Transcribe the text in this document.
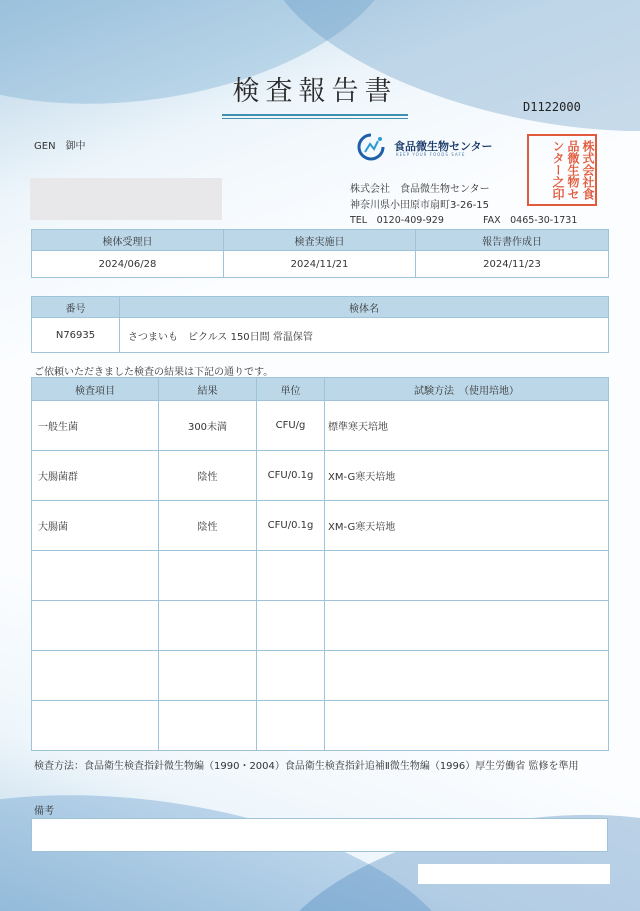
検査報告書	D1122000
GEN　御中	食品微生物センター
KEEP YOUR FOODS SAFE	株式会社食品微生物センター之印
株式会社　食品微生物センター
神奈川県小田原市扇町3-26-15
TEL　0120-409-929	FAX　0465-30-1731
検体受理日	検査実施日	報告書作成日
2024/06/28	2024/11/21	2024/11/23
番号	検体名
N76935	さつまいも　ピクルス 150日間 常温保管
ご依頼いただきました検査の結果は下記の通りです。
検査項目	結果	単位	試験方法　（使用培地）
一般生菌	300未満	CFU/g	標準寒天培地
大腸菌群	陰性	CFU/0.1g	XM-G寒天培地
大腸菌	陰性	CFU/0.1g	XM-G寒天培地

検査方法：食品衛生検査指針微生物編（1990・2004）食品衛生検査指針追補Ⅱ微生物編（1996）厚生労働省 監修を準用
備考
